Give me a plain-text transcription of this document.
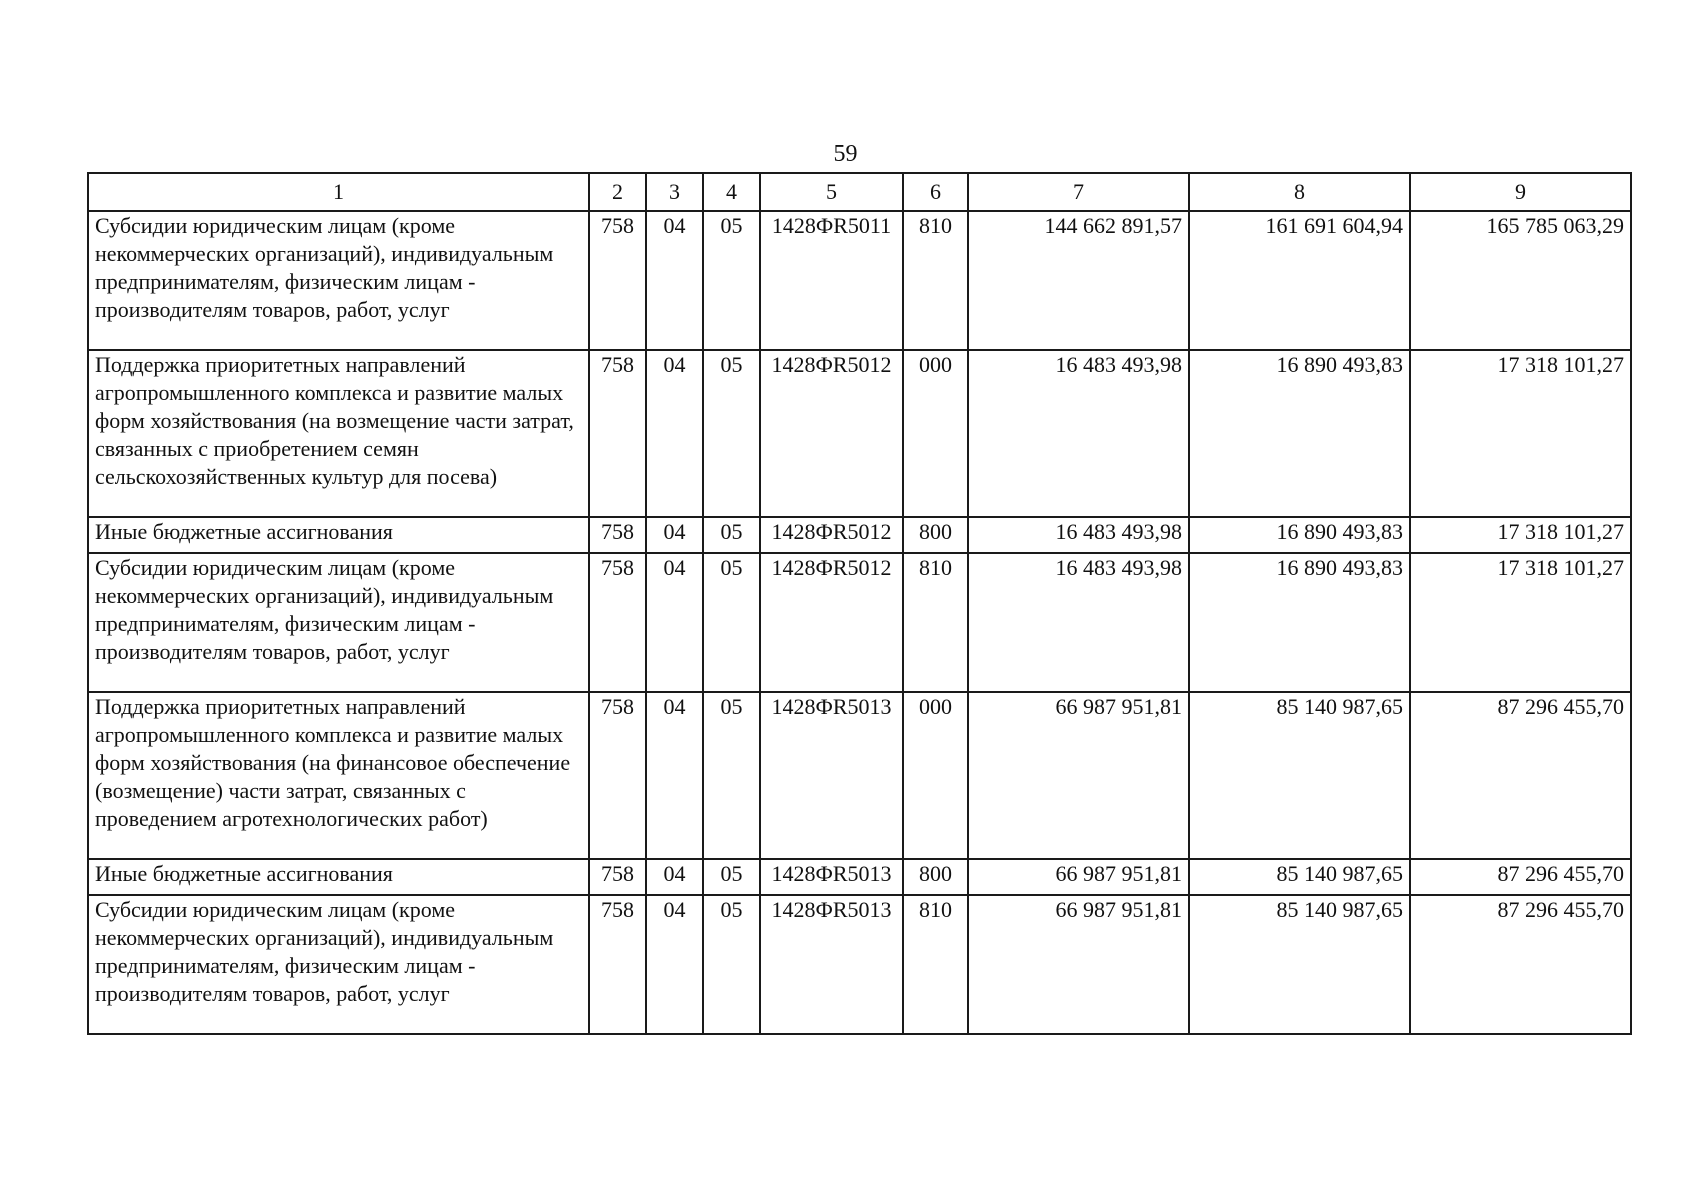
59
1	2	3	4	5	6	7	8	9
Субсидии юридическим лицам (кроме некоммерческих организаций), индивидуальным предпринимателям, физическим лицам - производителям товаров, работ, услуг	758	04	05	1428ФR5011	810	144 662 891,57	161 691 604,94	165 785 063,29
Поддержка приоритетных направлений агропромышленного комплекса и развитие малых форм хозяйствования (на возмещение части затрат, связанных с приобретением семян сельскохозяйственных культур для посева)	758	04	05	1428ФR5012	000	16 483 493,98	16 890 493,83	17 318 101,27
Иные бюджетные ассигнования	758	04	05	1428ФR5012	800	16 483 493,98	16 890 493,83	17 318 101,27
Субсидии юридическим лицам (кроме некоммерческих организаций), индивидуальным предпринимателям, физическим лицам - производителям товаров, работ, услуг	758	04	05	1428ФR5012	810	16 483 493,98	16 890 493,83	17 318 101,27
Поддержка приоритетных направлений агропромышленного комплекса и развитие малых форм хозяйствования (на финансовое обеспечение (возмещение) части затрат, связанных с проведением агротехнологических работ)	758	04	05	1428ФR5013	000	66 987 951,81	85 140 987,65	87 296 455,70
Иные бюджетные ассигнования	758	04	05	1428ФR5013	800	66 987 951,81	85 140 987,65	87 296 455,70
Субсидии юридическим лицам (кроме некоммерческих организаций), индивидуальным предпринимателям, физическим лицам - производителям товаров, работ, услуг	758	04	05	1428ФR5013	810	66 987 951,81	85 140 987,65	87 296 455,70
